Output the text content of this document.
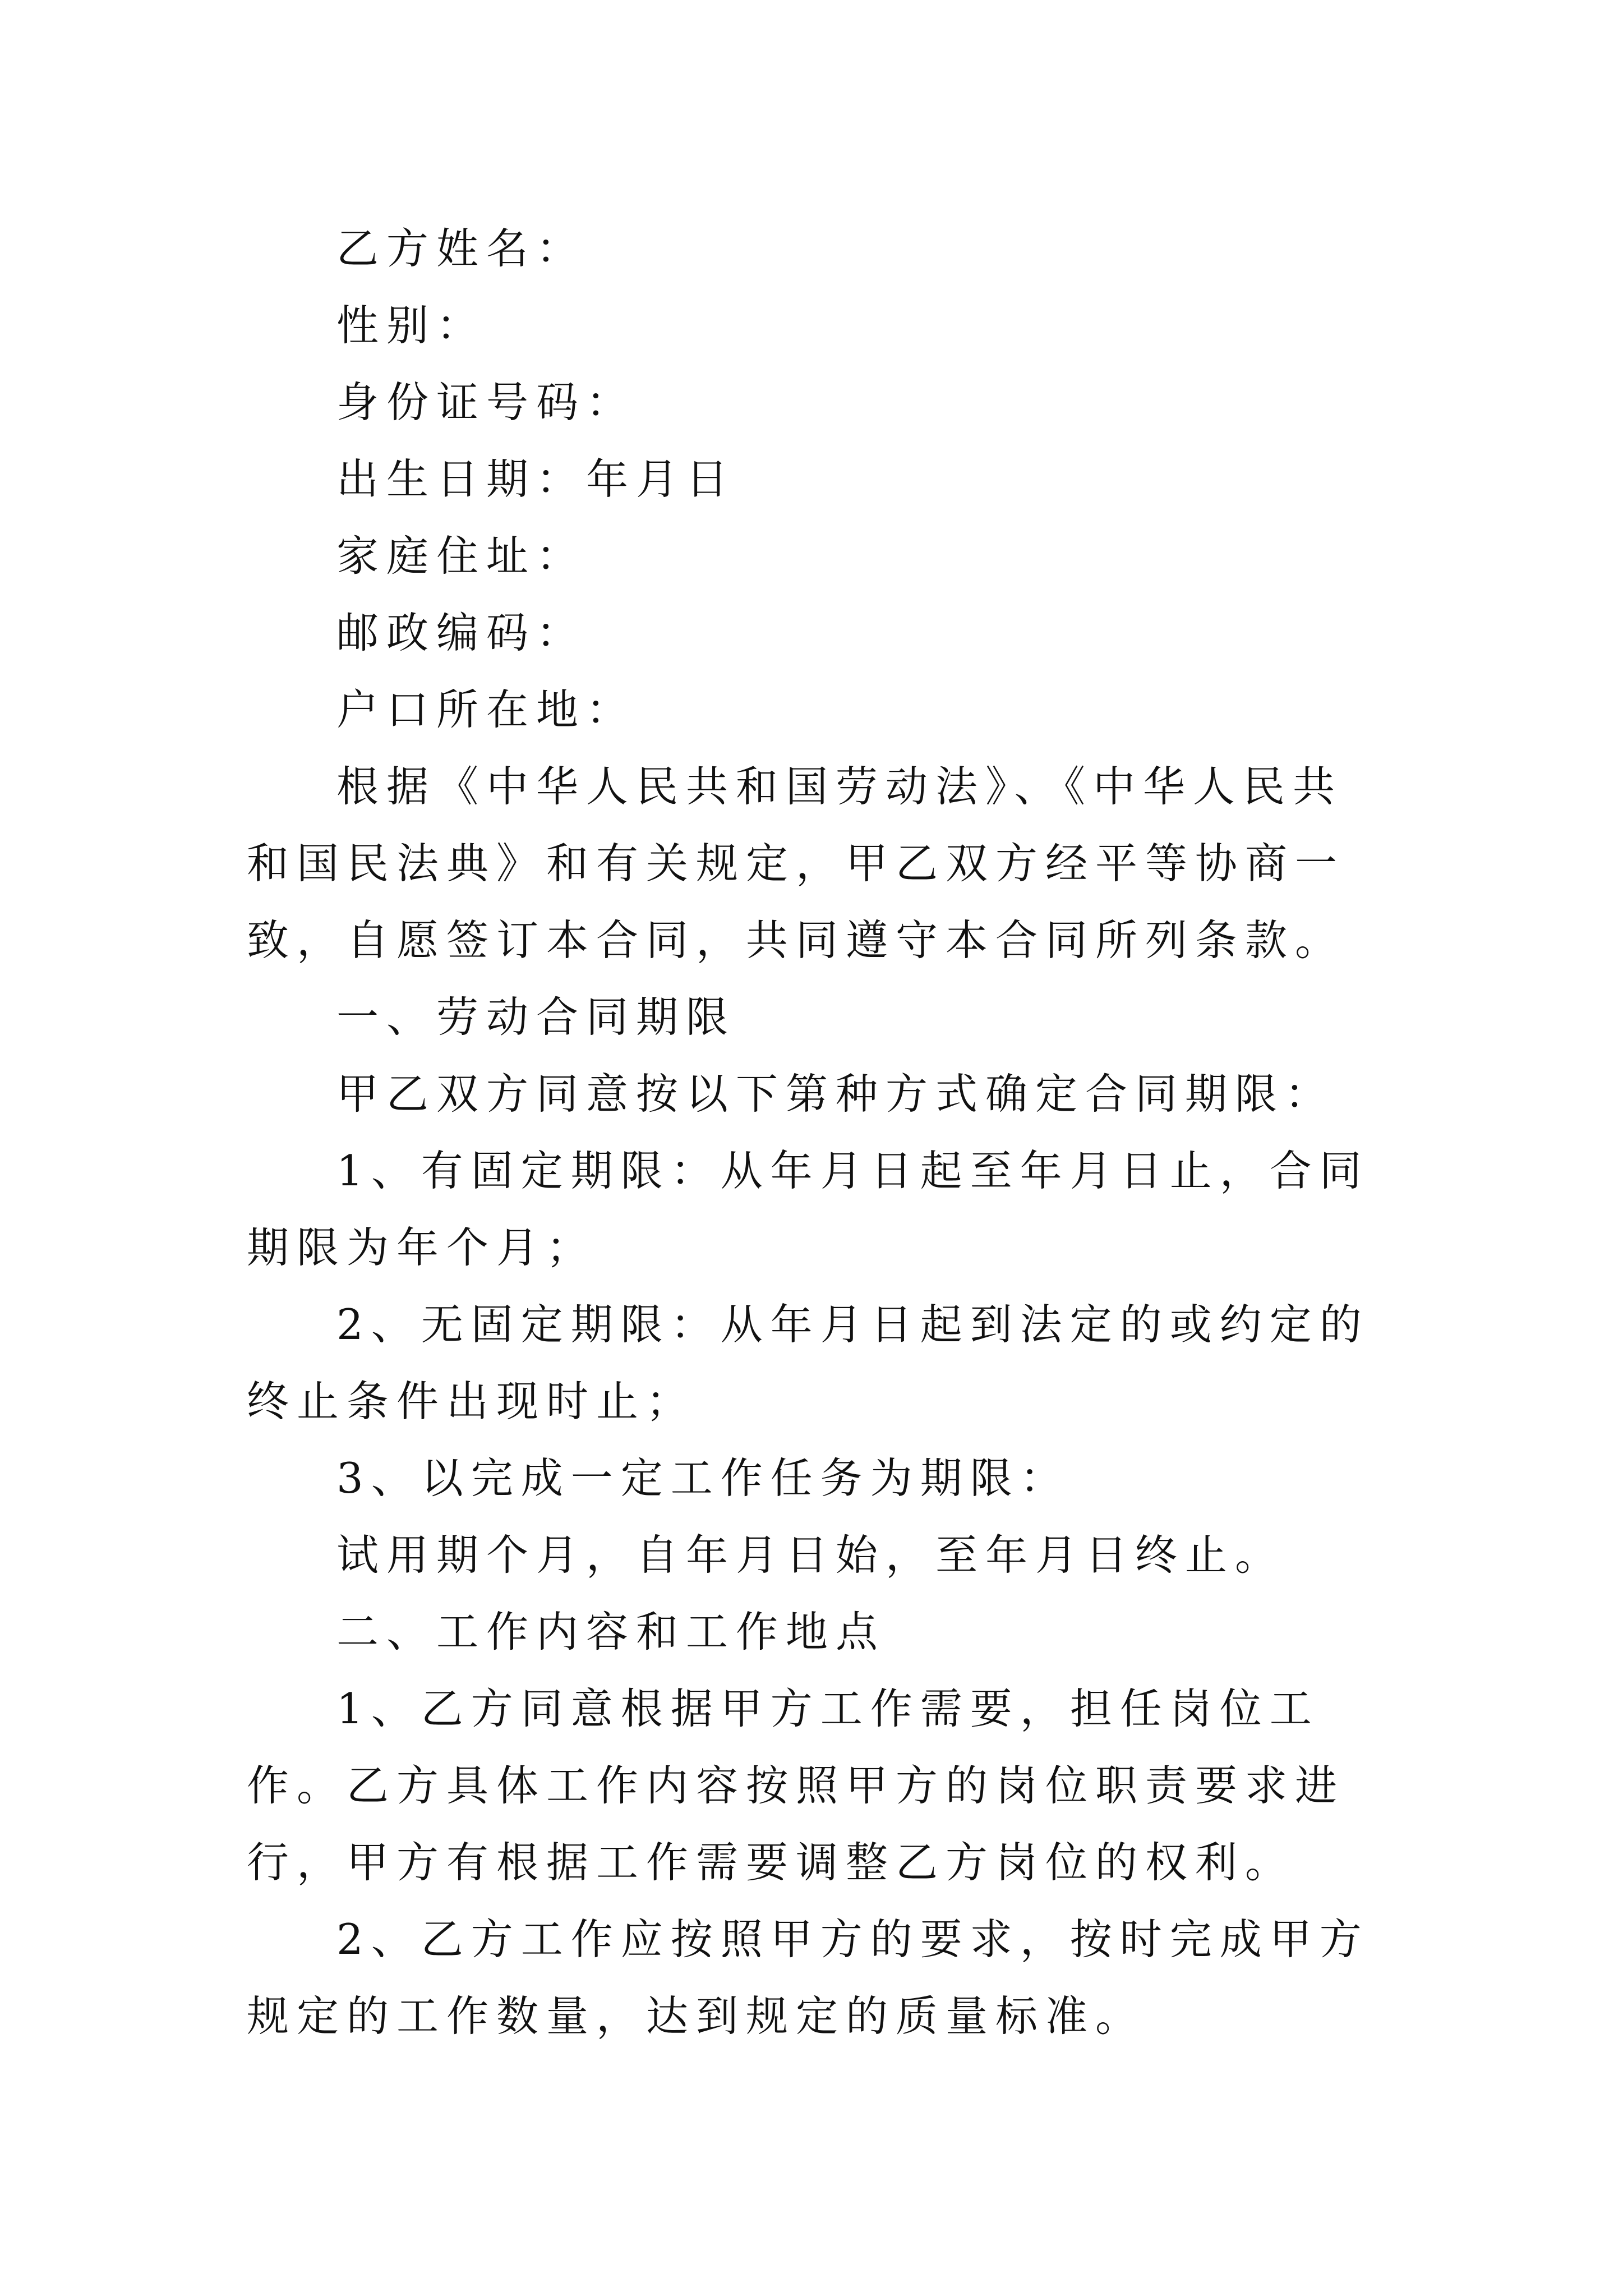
乙方姓名：

性别：

身份证号码：

出生日期：年月日

家庭住址：

邮政编码：

户口所在地：

根据《中华人民共和国劳动法》、《中华人民共和国民法典》和有关规定，甲乙双方经平等协商一致，自愿签订本合同，共同遵守本合同所列条款。

一、劳动合同期限

甲乙双方同意按以下第种方式确定合同期限：

1、有固定期限：从年月日起至年月日止，合同期限为年个月；

2、无固定期限：从年月日起到法定的或约定的终止条件出现时止；

3、以完成一定工作任务为期限：

试用期个月，自年月日始，至年月日终止。

二、工作内容和工作地点

1、乙方同意根据甲方工作需要，担任岗位工作。乙方具体工作内容按照甲方的岗位职责要求进行，甲方有根据工作需要调整乙方岗位的权利。

2、乙方工作应按照甲方的要求，按时完成甲方规定的工作数量，达到规定的质量标准。
